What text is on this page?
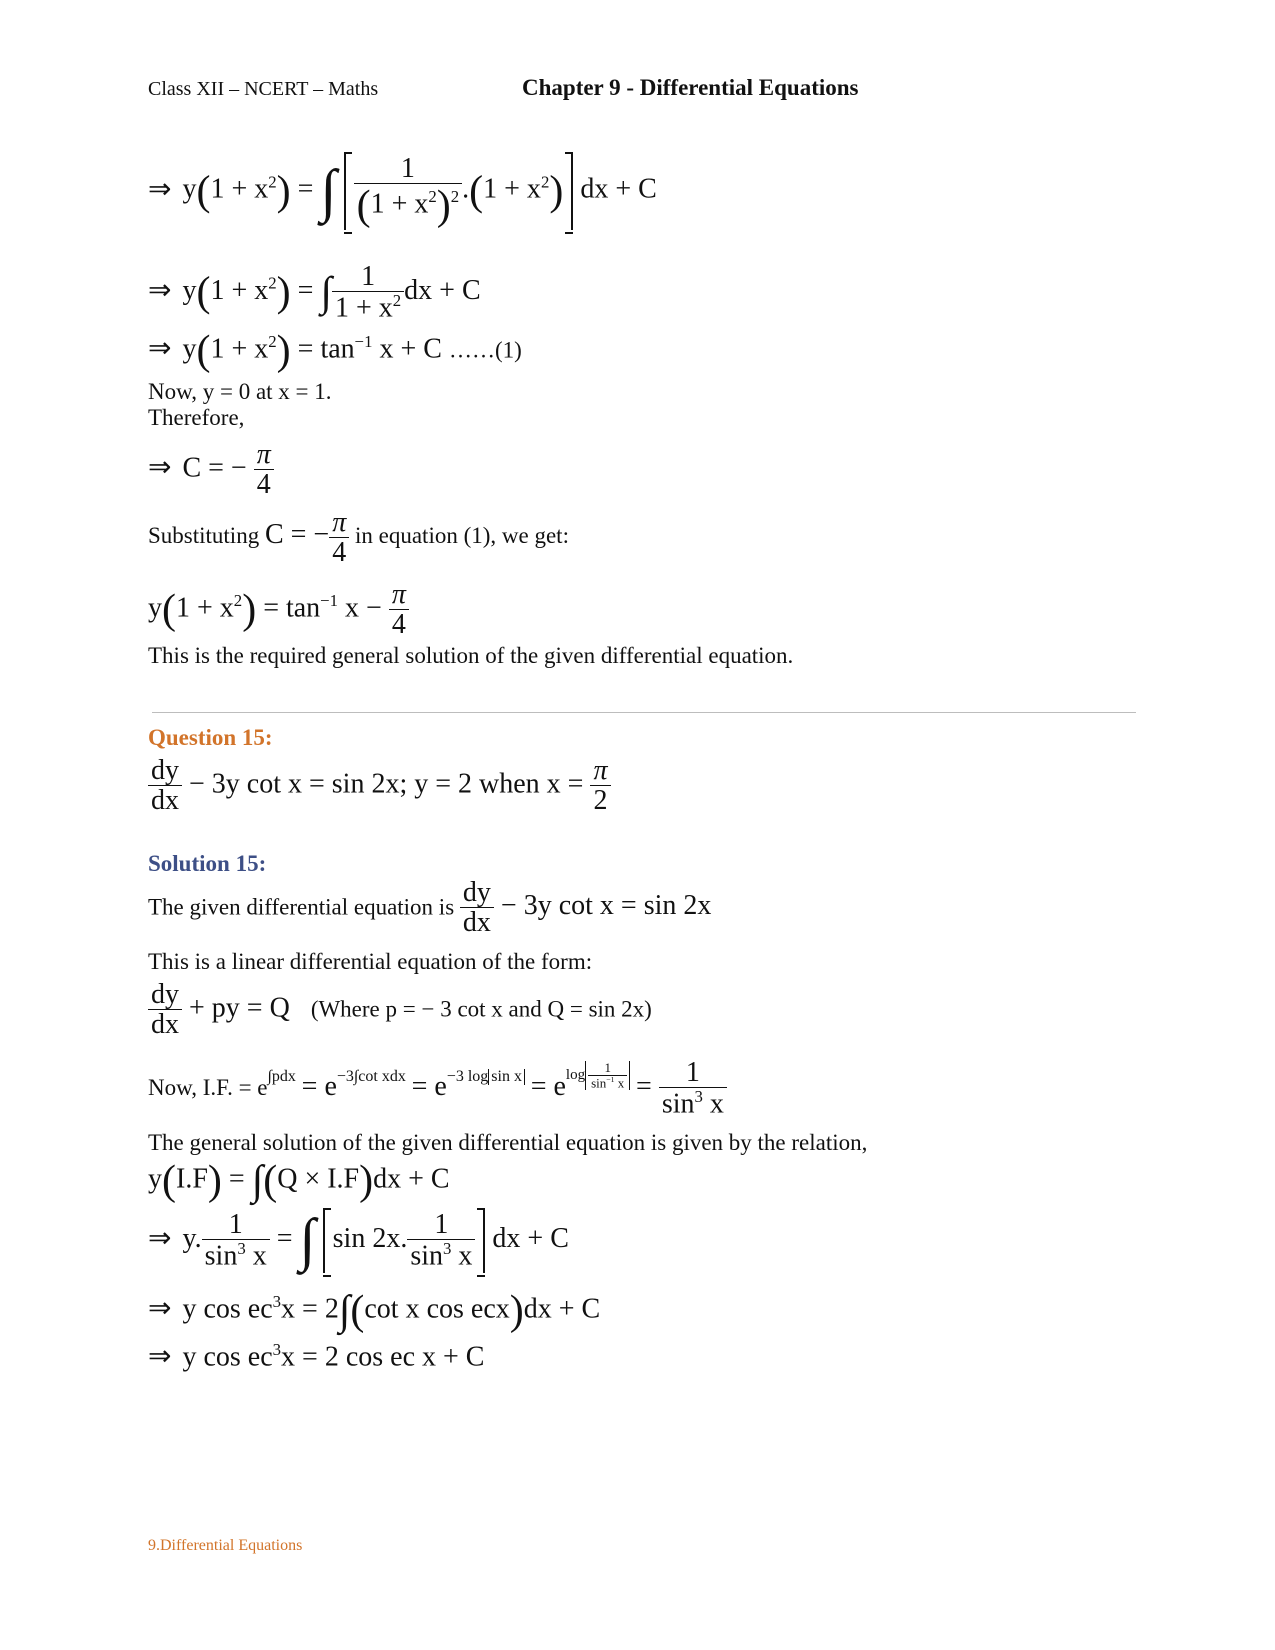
Class XII – NCERT – Maths	Chapter 9 - Differential Equations
⇒ $y(1 + x^2)$ = ∫ $\frac{1}{(1 + x^2)^2} .(1 + x^2)$ dx + C
⇒ $y(1 + x^2)$ = ∫ $\frac{1}{1 + x^2}$ dx + C
⇒ $y(1 + x^2) = \tan^{-1} x + C$ ……(1)
Now, y = 0 at x = 1.
Therefore,
⇒ C = − $\frac{\pi}{4}$
Substituting C = − $\frac{\pi}{4}$ in equation (1), we get:
$y(1 + x^2) = \tan^{-1} x - \frac{\pi}{4}$
This is the required general solution of the given differential equation.
Question 15:
$\frac{dy}{dx} - 3y$ cot x = sin 2x; y = 2 when $x = \frac{\pi}{2}$
Solution 15:
The given differential equation is $\frac{dy}{dx} - 3y$ cot x = sin 2x
This is a linear differential equation of the form:
$\frac{dy}{dx}$ + py = Q   (Where p = − 3 cot x and Q = sin 2x)
Now, I.F. = $e^{\int pdx} = e^{-3\int cot xdx} = e^{-3 log sin x} = e^{log \frac{1}{\sin^{-1} x}} = \frac{1}{\sin^3 x}$
The general solution of the given differential equation is given by the relation,
y(I.F) = ∫(Q × I.F)dx + C
⇒ y. $\frac{1}{\sin^3 x}$ = ∫ sin 2x. $\frac{1}{\sin^3 x}$ dx + C
⇒ y $\cos ec^3x = 2\int(\cot$ x cos ecx)dx + C
⇒ y $\cos ec^3x = 2$ cos ec x + C
9.Differential Equations
